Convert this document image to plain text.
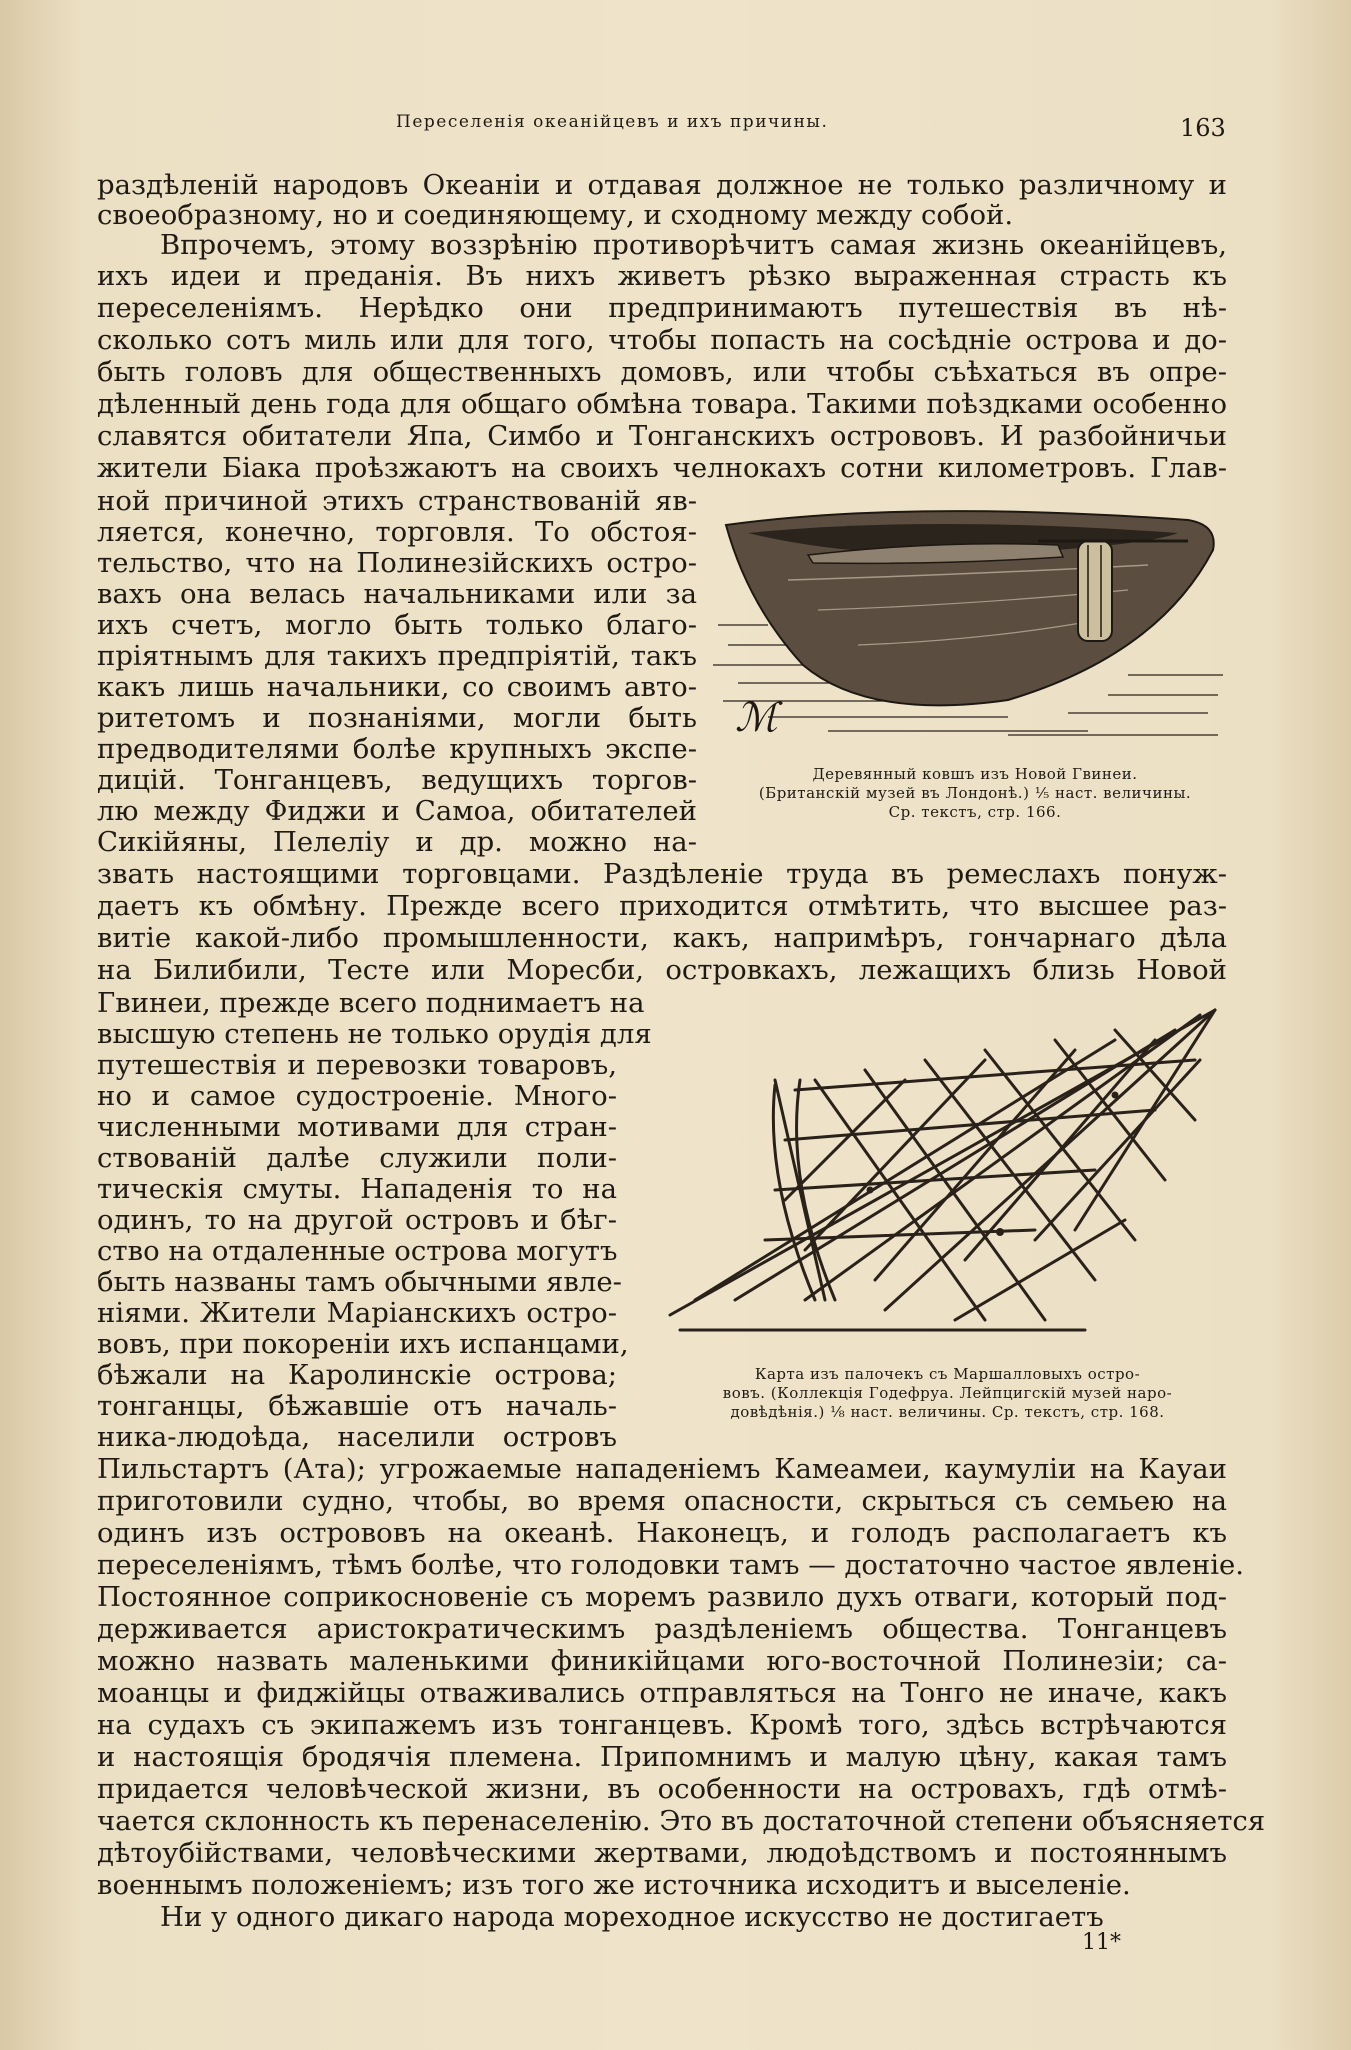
Переселенія океанійцевъ и ихъ причины.	163
раздѣленій народовъ Океаніи и отдавая должное не только различному и
своеобразному, но и соединяющему, и сходному между собой.
Впрочемъ, этому воззрѣнію противорѣчитъ самая жизнь океанійцевъ,
ихъ идеи и преданія. Въ нихъ живетъ рѣзко выраженная страсть къ
переселеніямъ. Нерѣдко они предпринимаютъ путешествія въ нѣ-
сколько сотъ миль или для того, чтобы попасть на сосѣдніе острова и до-
быть головъ для общественныхъ домовъ, или чтобы съѣхаться въ опре-
дѣленный день года для общаго обмѣна товара. Такими поѣздками особенно
славятся обитатели Япа, Симбо и Тонганскихъ острововъ. И разбойничьи
жители Біака проѣзжаютъ на своихъ челнокахъ сотни километровъ. Глав-
ной причиной этихъ странствованій яв-
ляется, конечно, торговля. То обстоя-
тельство, что на Полинезійскихъ остро-
вахъ она велась начальниками или за
ихъ счетъ, могло быть только благо-
пріятнымъ для такихъ предпріятій, такъ
какъ лишь начальники, со своимъ авто-
ритетомъ и познаніями, могли быть
предводителями болѣе крупныхъ экспе-
дицій. Тонганцевъ, ведущихъ торгов-
лю между Фиджи и Самоа, обитателей
Сикійяны, Пелеліу и др. можно на-
ℳ
Деревянный ковшъ изъ Новой Гвинеи.
(Британскій музей въ Лондонѣ.) ⅕ наст. величины.
Ср. текстъ, стр. 166.
звать настоящими торговцами. Раздѣленіе труда въ ремеслахъ понуж-
даетъ къ обмѣну. Прежде всего приходится отмѣтить, что высшее раз-
витіе какой-либо промышленности, какъ, напримѣръ, гончарнаго дѣла
на Билибили, Тесте или Моресби, островкахъ, лежащихъ близь Новой
Гвинеи, прежде всего поднимаетъ на
высшую степень не только орудія для
путешествія и перевозки товаровъ,
но и самое судостроеніе. Много-
численными мотивами для стран-
ствованій далѣе служили поли-
тическія смуты. Нападенія то на
одинъ, то на другой островъ и бѣг-
ство на отдаленные острова могутъ
быть названы тамъ обычными явле-
ніями. Жители Маріанскихъ остро-
вовъ, при покореніи ихъ испанцами,
бѣжали на Каролинскіе острова;
тонганцы, бѣжавшіе отъ началь-
ника-людоѣда, населили островъ
Карта изъ палочекъ съ Маршалловыхъ остро-
вовъ. (Коллекція Годефруа. Лейпцигскій музей наро-
довѣдѣнія.) ⅛ наст. величины. Ср. текстъ, стр. 168.
Пильстартъ (Ата); угрожаемые нападеніемъ Камеамеи, каумуліи на Кауаи
приготовили судно, чтобы, во время опасности, скрыться съ семьею на
одинъ изъ острововъ на океанѣ. Наконецъ, и голодъ располагаетъ къ
переселеніямъ, тѣмъ болѣе, что голодовки тамъ — достаточно частое явленіе.
Постоянное соприкосновеніе съ моремъ развило духъ отваги, который под-
держивается аристократическимъ раздѣленіемъ общества. Тонганцевъ
можно назвать маленькими финикійцами юго-восточной Полинезіи; са-
моанцы и фиджійцы отваживались отправляться на Тонго не иначе, какъ
на судахъ съ экипажемъ изъ тонганцевъ. Кромѣ того, здѣсь встрѣчаются
и настоящія бродячія племена. Припомнимъ и малую цѣну, какая тамъ
придается человѣческой жизни, въ особенности на островахъ, гдѣ отмѣ-
чается склонность къ перенаселенію. Это въ достаточной степени объясняется
дѣтоубійствами, человѣческими жертвами, людоѣдствомъ и постояннымъ
военнымъ положеніемъ; изъ того же источника исходитъ и выселеніе.
Ни у одного дикаго народа мореходное искусство не достигаетъ
11*
